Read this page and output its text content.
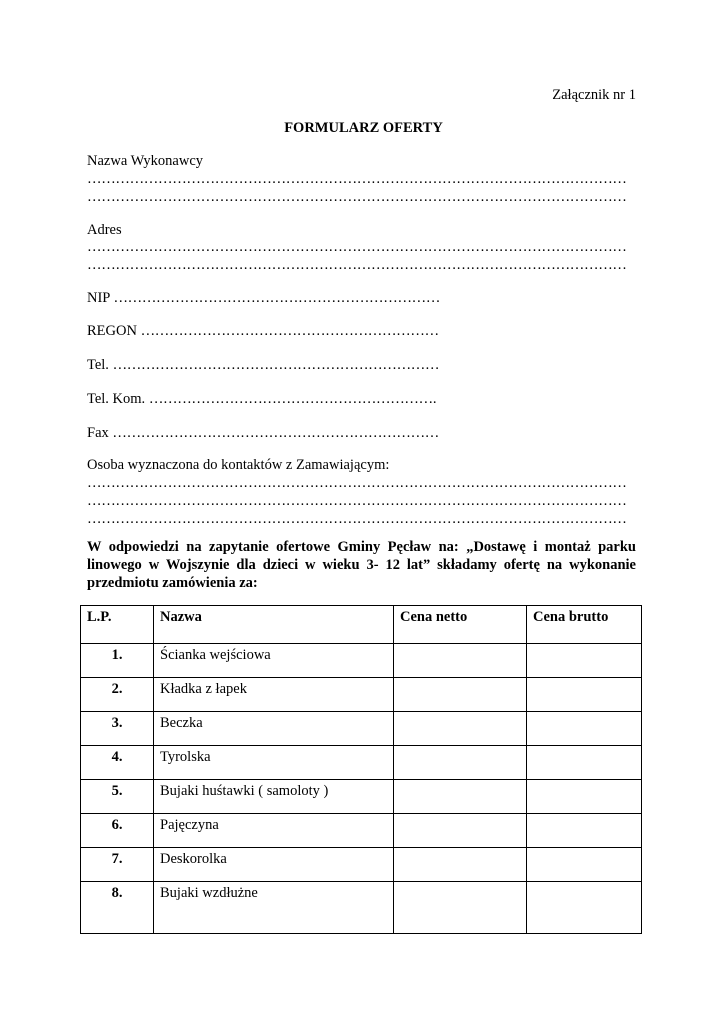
Załącznik nr 1
FORMULARZ OFERTY
Nazwa Wykonawcy
……………………………………………………………………………………………………
……………………………………………………………………………………………………
Adres
……………………………………………………………………………………………………
……………………………………………………………………………………………………
NIP ……………………………………………………………
REGON ………………………………………………………
Tel. ……………………………………………………………
Tel. Kom. …………………………………………………….
Fax ……………………………………………………………
Osoba wyznaczona do kontaktów z Zamawiającym:
……………………………………………………………………………………………………
……………………………………………………………………………………………………
……………………………………………………………………………………………………
W odpowiedzi na zapytanie ofertowe Gminy Pęcław na: „Dostawę i montaż parku linowego w Wojszynie dla dzieci w wieku 3- 12 lat” składamy ofertę na wykonanie przedmiotu zamówienia za:
L.P.	Nazwa	Cena netto	Cena brutto
1.	Ścianka wejściowa		
2.	Kładka z łapek		
3.	Beczka		
4.	Tyrolska		
5.	Bujaki huśtawki ( samoloty )		
6.	Pajęczyna		
7.	Deskorolka		
8.	Bujaki wzdłużne		
